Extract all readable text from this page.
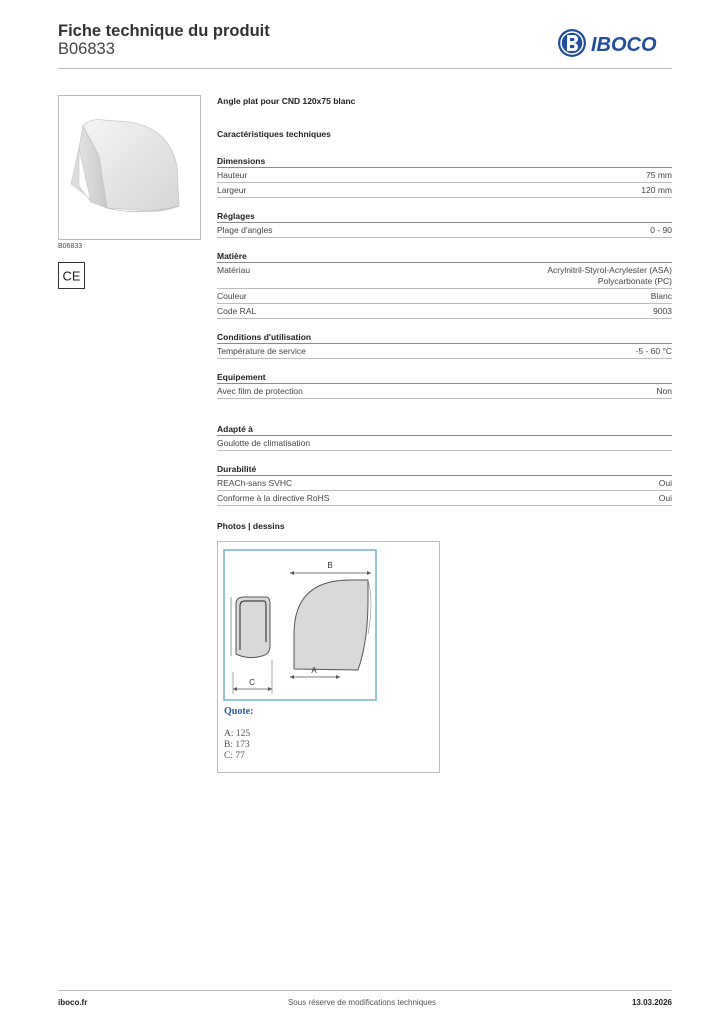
Fiche technique du produit
B06833	IBOCO
B06833
CE
Angle plat pour CND 120x75 blanc
Caractéristiques techniques
Dimensions
Hauteur	75 mm
Largeur	120 mm
Réglages
Plage d'angles	0 - 90
Matière
Matériau	Acrylnitril-Styrol-Acrylester (ASA)
Polycarbonate (PC)
Couleur	Blanc
Code RAL	9003
Conditions d'utilisation
Température de service	-5 - 60 °C
Equipement
Avec film de protection	Non
Adapté à
Goulotte de climatisation
Durabilité
REACh-sans SVHC	Oui
Conforme à la directive RoHS	Oui
Photos | dessins
B
A
C
Quote:
A: 125
B: 173
C: 77
iboco.fr	Sous réserve de modifications techniques	13.03.2026
